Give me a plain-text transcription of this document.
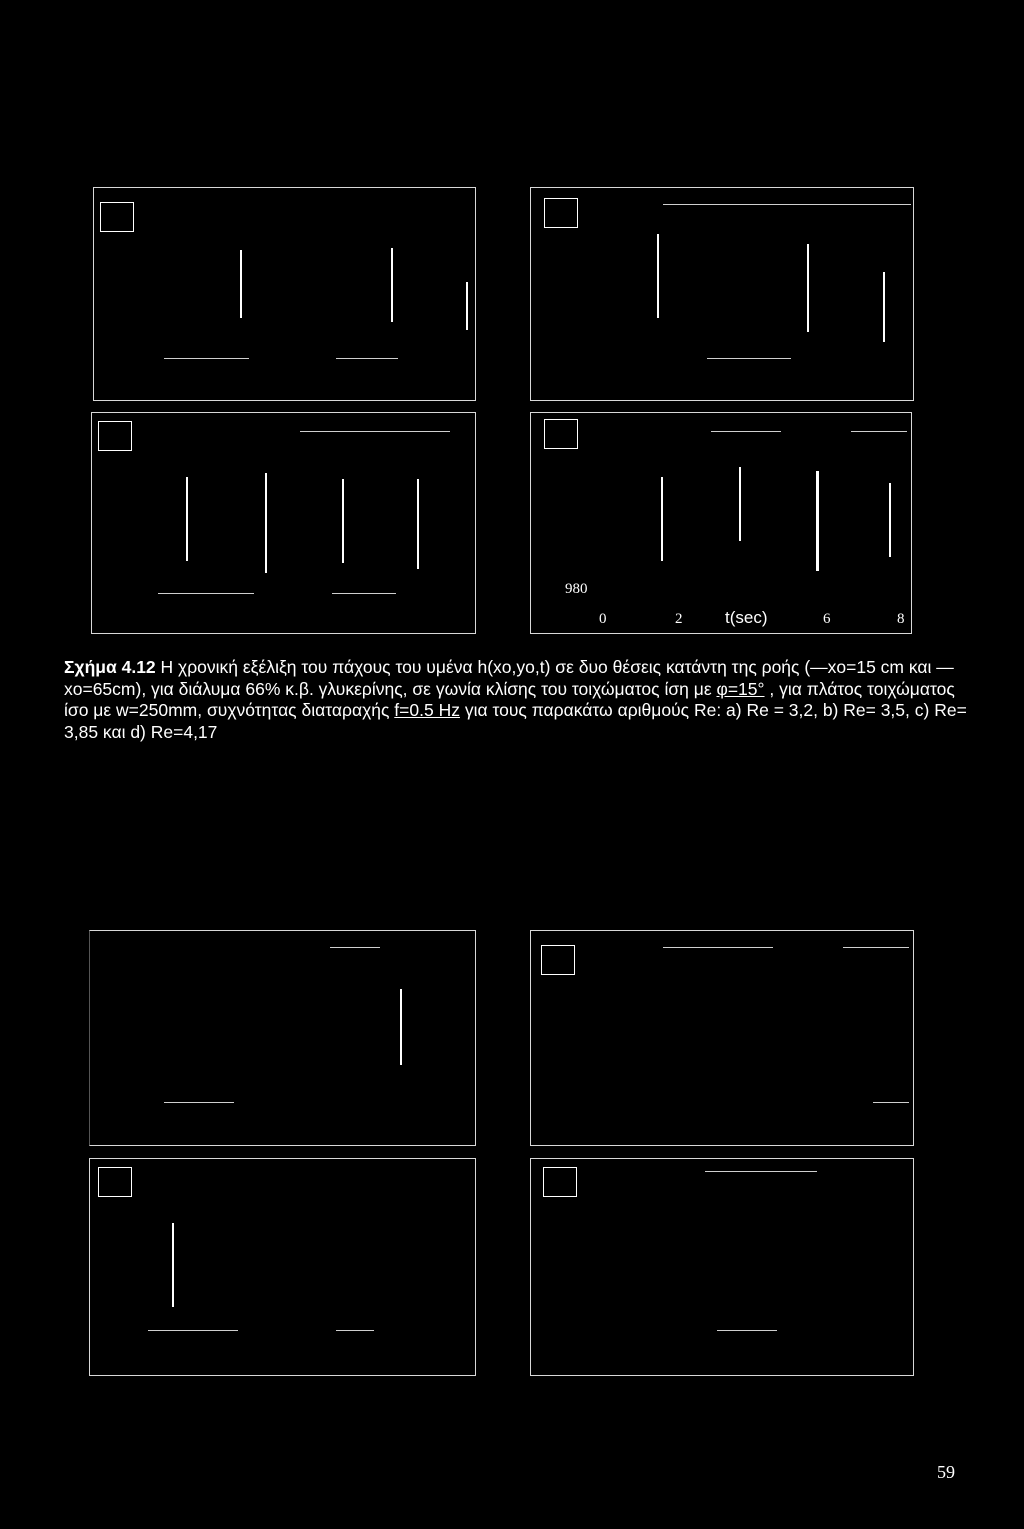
980
0	2	t(sec)	6	8
Σχήμα 4.12 Η χρονική εξέλιξη του πάχους του υμένα h(xo,yo,t) σε δυο θέσεις κατάντη της ροής (—xo=15 cm και — xo=65cm), για διάλυμα 66% κ.β. γλυκερίνης, σε γωνία κλίσης του τοιχώματος ίση με φ=15° , για πλάτος τοιχώματος ίσο με w=250mm, συχνότητας διαταραχής f=0.5 Hz για τους παρακάτω αριθμούς Re: a) Re = 3,2, b) Re= 3,5, c) Re= 3,85 και d) Re=4,17
59
